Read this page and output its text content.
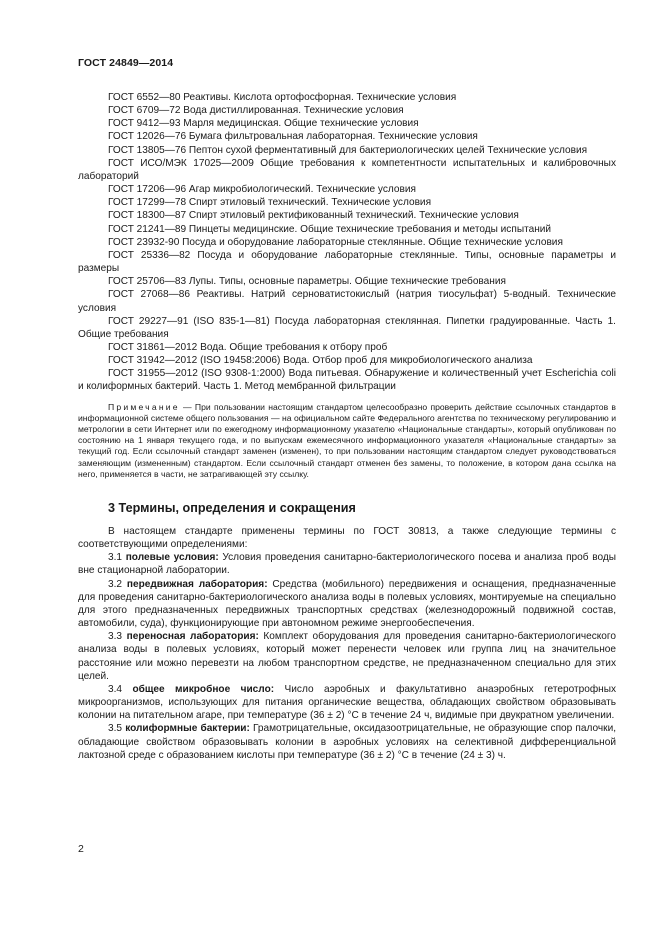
ГОСТ 24849—2014

ГОСТ 6552—80 Реактивы. Кислота ортофосфорная. Технические условия

ГОСТ 6709—72 Вода дистиллированная. Технические условия

ГОСТ 9412—93 Марля медицинская. Общие технические условия

ГОСТ 12026—76 Бумага фильтровальная лабораторная. Технические условия

ГОСТ 13805—76 Пептон сухой ферментативный для бактериологических целей Технические условия

ГОСТ ИСО/МЭК 17025—2009 Общие требования к компетентности испытательных и калибровочных лабораторий

ГОСТ 17206—96 Агар микробиологический. Технические условия

ГОСТ 17299—78 Спирт этиловый технический. Технические условия

ГОСТ 18300—87 Спирт этиловый ректификованный технический. Технические условия

ГОСТ 21241—89 Пинцеты медицинские. Общие технические требования и методы испытаний

ГОСТ 23932-90 Посуда и оборудование лабораторные стеклянные. Общие технические условия

ГОСТ 25336—82 Посуда и оборудование лабораторные стеклянные. Типы, основные параметры и размеры

ГОСТ 25706—83 Лупы. Типы, основные параметры. Общие технические требования

ГОСТ 27068—86 Реактивы. Натрий серноватистокислый (натрия тиосульфат) 5-водный. Технические условия

ГОСТ 29227—91 (ISO 835-1—81) Посуда лабораторная стеклянная. Пипетки градуированные. Часть 1. Общие требования

ГОСТ 31861—2012 Вода. Общие требования к отбору проб

ГОСТ 31942—2012 (ISO 19458:2006) Вода. Отбор проб для микробиологического анализа

ГОСТ 31955—2012 (ISO 9308-1:2000) Вода питьевая. Обнаружение и количественный учет Escherichia coli и колиформных бактерий. Часть 1. Метод мембранной фильтрации

Примечание — При пользовании настоящим стандартом целесообразно проверить действие ссылочных стандартов в информационной системе общего пользования — на официальном сайте Федерального агентства по техническому регулированию и метрологии в сети Интернет или по ежегодному информационному указателю «Национальные стандарты», который опубликован по состоянию на 1 января текущего года, и по выпускам ежемесячного информационного указателя «Национальные стандарты» за текущий год. Если ссылочный стандарт заменен (изменен), то при пользовании настоящим стандартом следует руководствоваться заменяющим (измененным) стандартом. Если ссылочный стандарт отменен без замены, то положение, в котором дана ссылка на него, применяется в части, не затрагивающей эту ссылку.

3 Термины, определения и сокращения

В настоящем стандарте применены термины по ГОСТ 30813, а также следующие термины с соответствующими определениями:

3.1 полевые условия: Условия проведения санитарно-бактериологического посева и анализа проб воды вне стационарной лаборатории.

3.2 передвижная лаборатория: Средства (мобильного) передвижения и оснащения, предназначенные для проведения санитарно-бактериологического анализа воды в полевых условиях, монтируемые на специально для этого предназначенных передвижных транспортных средствах (железнодорожный подвижной состав, автомобили, суда), функционирующие при автономном режиме энергообеспечения.

3.3 переносная лаборатория: Комплект оборудования для проведения санитарно-бактериологического анализа воды в полевых условиях, который может перенести человек или группа лиц на значительное расстояние или можно перевезти на любом транспортном средстве, не предназначенном специально для этих целей.

3.4 общее микробное число: Число аэробных и факультативно анаэробных гетеротрофных микроорганизмов, использующих для питания органические вещества, обладающих свойством образовывать колонии на питательном агаре, при температуре (36 ± 2) °С в течение 24 ч, видимые при двукратном увеличении.

3.5 колиформные бактерии: Грамотрицательные, оксидазоотрицательные, не образующие спор палочки, обладающие свойством образовывать колонии в аэробных условиях на селективной дифференциальной лактозной среде с образованием кислоты при температуре (36 ± 2) °С в течение (24 ± 3) ч.

2
